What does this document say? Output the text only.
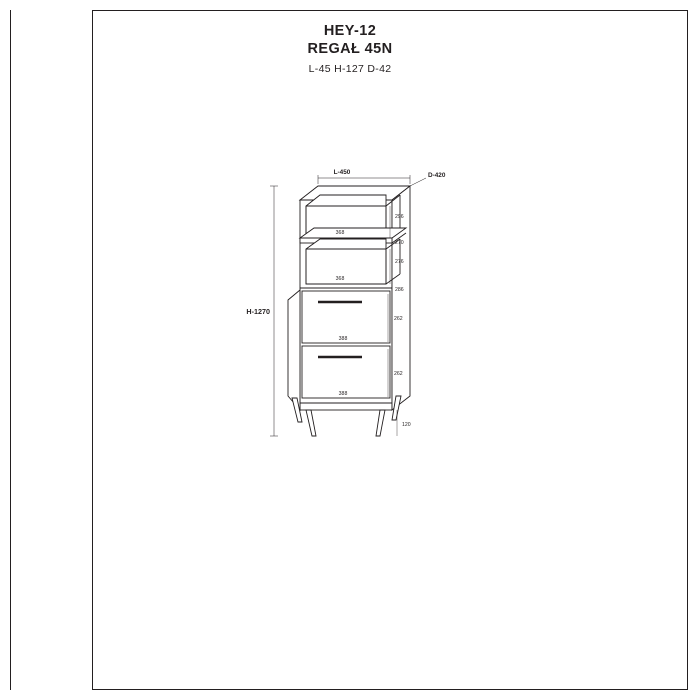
HEY-12
REGAŁ 45N
L-45 H-127 D-42
L-450	D-420
H-1270
368
296
270
368
276
286
388
262
388
262
120
